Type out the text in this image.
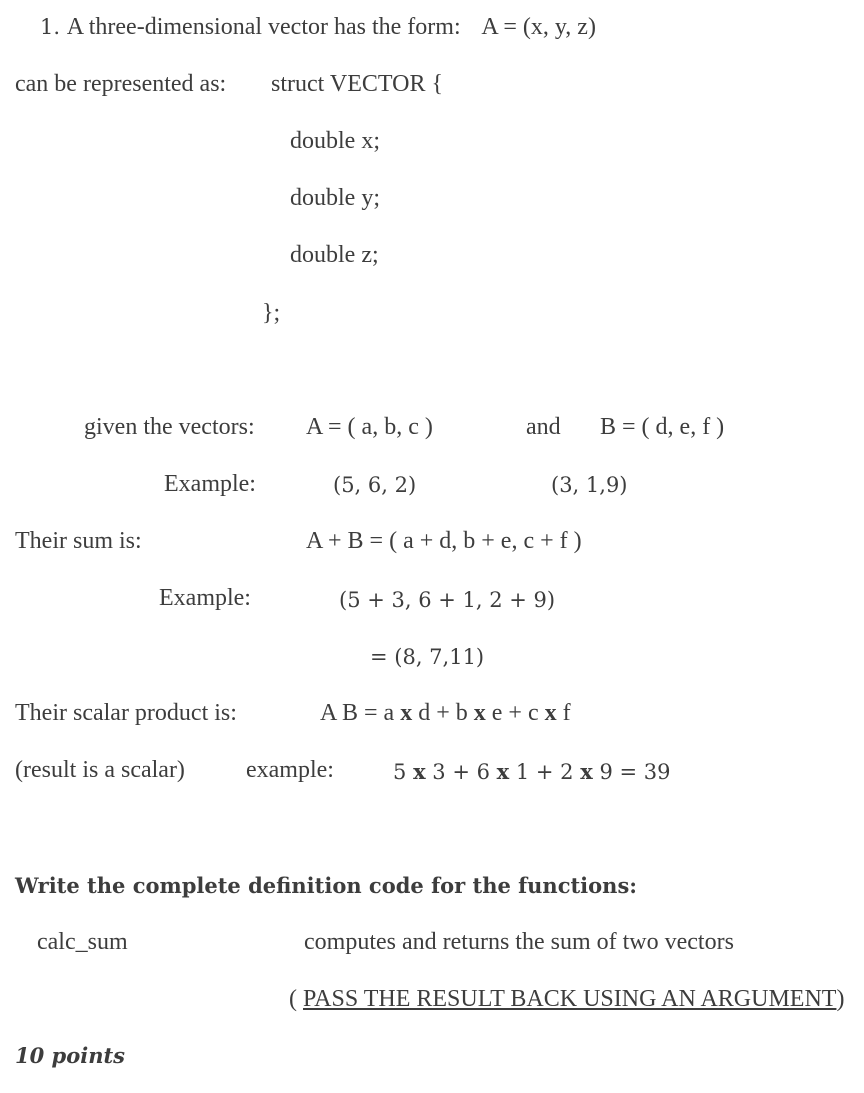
1. A three-dimensional vector has the form: A = (x, y, z)
can be represented as: struct VECTOR {
double x;
double y;
double z;
};
given the vectors: A = ( a, b, c )	and B = ( d, e, f )
Example:	(5, 6, 2)	(3, 1,9)
Their sum is:	A + B = ( a + d, b + e, c + f )
Example:	(5 + 3, 6 + 1, 2 + 9)
= (8, 7,11)
Their scalar product is:	A B = a x d + b x e + c x f
(result is a scalar)	example:	5 x 3 + 6 x 1 + 2 x 9 = 39
Write the complete definition code for the functions:
calc_sum	computes and returns the sum of two vectors
( PASS THE RESULT BACK USING AN ARGUMENT)
10 points
